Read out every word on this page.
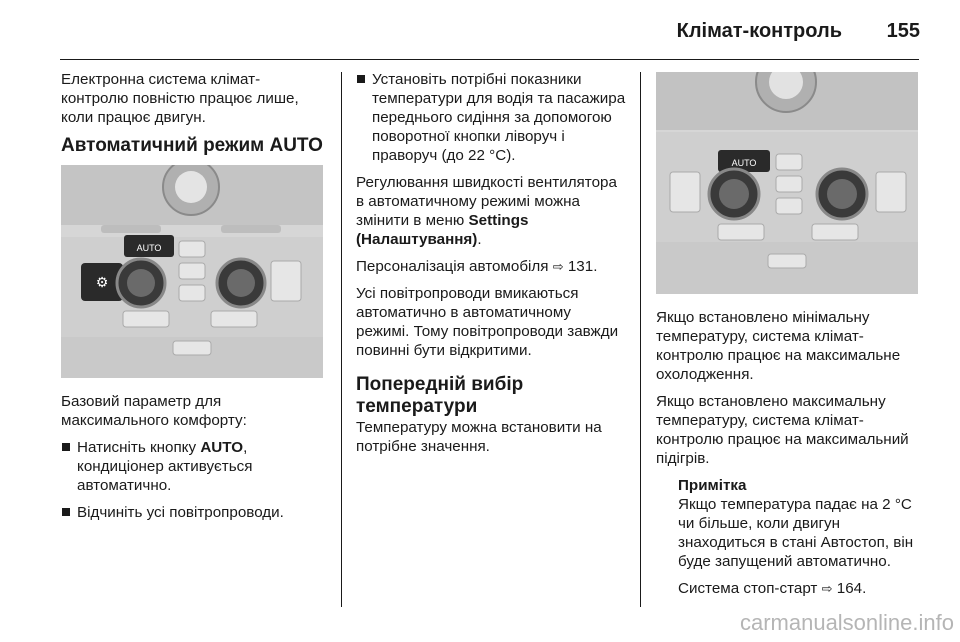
Клімат-контроль 155

Електронна система клімат-контролю повністю працює лише, коли працює двигун.

Автоматичний режим AUTO
⚙
AUTO

Базовий параметр для максимального комфорту:

Натисніть кнопку AUTO, кондиціонер активується автоматично.
Відчиніть усі повітропроводи.
Установіть потрібні показники температури для водія та пасажира переднього сидіння за допомогою поворотної кнопки ліворуч і праворуч (до 22 °C).

Регулювання швидкості вентилятора в автоматичному режимі можна змінити в меню Settings (Налаштування).

Персоналізація автомобіля ⇨ 131.

Усі повітропроводи вмикаються автоматично в автоматичному режимі. Тому повітропроводи завжди повинні бути відкритими.

Попередній вибір
температури

Температуру можна встановити на потрібне значення.

AUTO

Якщо встановлено мінімальну температуру, система клімат-контролю працює на максимальне охолодження.

Якщо встановлено максимальну температуру, система клімат-контролю працює на максимальний підігрів.

Примітка

Якщо температура падає на 2 °C чи більше, коли двигун знаходиться в стані Автостоп, він буде запущений автоматично.

Система стоп-старт ⇨ 164.

carmanualsonline.info
